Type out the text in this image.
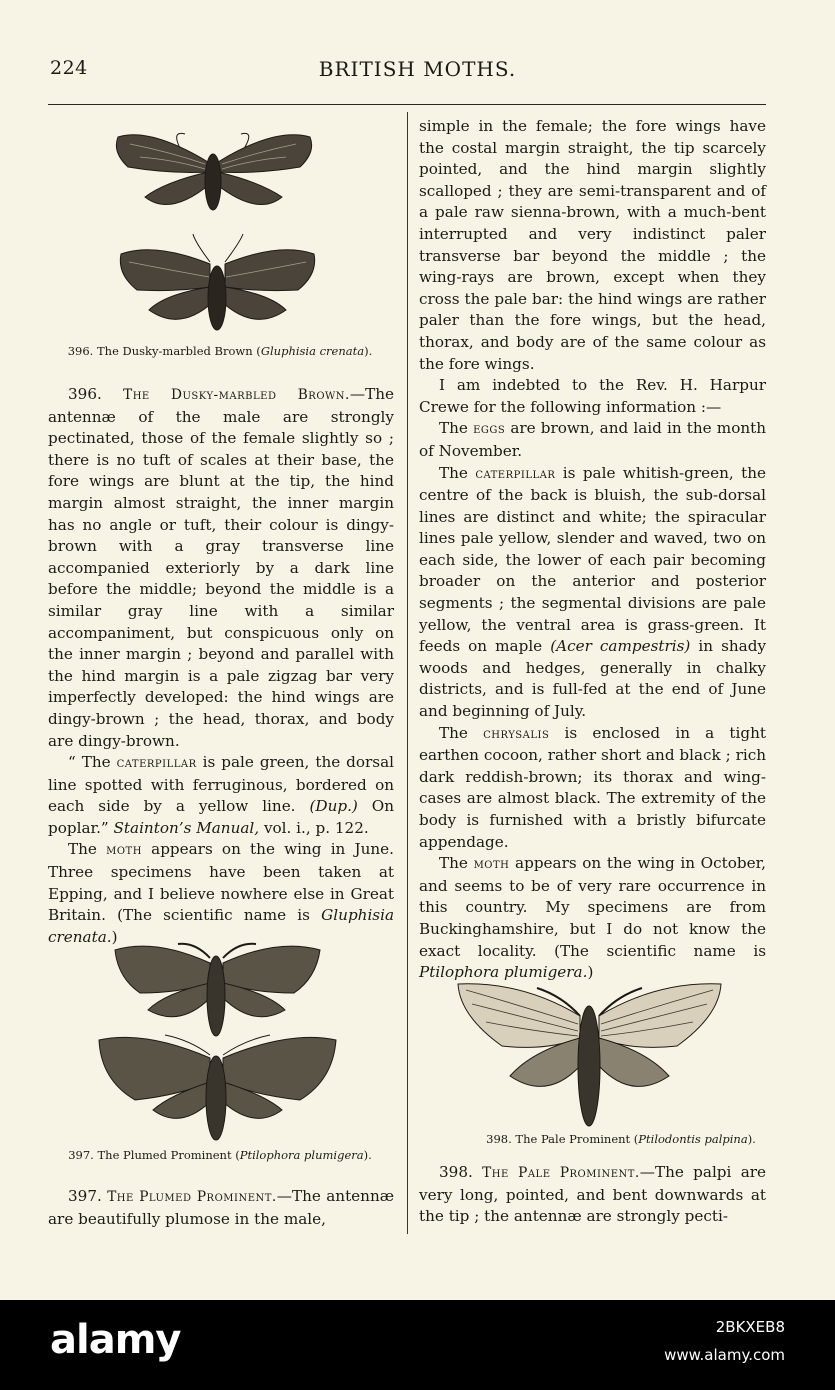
224	BRITISH MOTHS.
396. The Dusky-marbled Brown (Gluphisia crenata).

396. The Dusky-marbled Brown.—The antennæ of the male are strongly pectinated, those of the female slightly so ; there is no tuft of scales at their base, the fore wings are blunt at the tip, the hind margin almost straight, the inner margin has no angle or tuft, their colour is dingy-brown with a gray transverse line accompanied exteriorly by a dark line before the middle; beyond the middle is a similar gray line with a similar accompaniment, but conspicuous only on the inner margin ; beyond and parallel with the hind margin is a pale zigzag bar very imperfectly developed: the hind wings are dingy-brown ; the head, thorax, and body are dingy-brown.

“ The caterpillar is pale green, the dorsal line spotted with ferruginous, bordered on each side by a yellow line. (Dup.) On poplar.” Stainton’s Manual, vol. i., p. 122.

The moth appears on the wing in June. Three specimens have been taken at Epping, and I believe nowhere else in Great Britain. (The scientific name is Gluphisia crenata.)

397. The Plumed Prominent (Ptilophora plumigera).

397. The Plumed Prominent.—The antennæ are beautifully plumose in the male,

simple in the female; the fore wings have the costal margin straight, the tip scarcely pointed, and the hind margin slightly scalloped ; they are semi-transparent and of a pale raw sienna-brown, with a much-bent interrupted and very indistinct paler transverse bar beyond the middle ; the wing-rays are brown, except when they cross the pale bar: the hind wings are rather paler than the fore wings, but the head, thorax, and body are of the same colour as the fore wings.

I am indebted to the Rev. H. Harpur Crewe for the following information :—

The eggs are brown, and laid in the month of November.

The caterpillar is pale whitish-green, the centre of the back is bluish, the sub-dorsal lines are distinct and white; the spiracular lines pale yellow, slender and waved, two on each side, the lower of each pair becoming broader on the anterior and posterior segments ; the segmental divisions are pale yellow, the ventral area is grass-green. It feeds on maple (Acer campestris) in shady woods and hedges, generally in chalky districts, and is full-fed at the end of June and beginning of July.

The chrysalis is enclosed in a tight earthen cocoon, rather short and black ; rich dark reddish-brown; its thorax and wing-cases are almost black. The extremity of the body is furnished with a bristly bifurcate appendage.

The moth appears on the wing in October, and seems to be of very rare occurrence in this country. My specimens are from Buckinghamshire, but I do not know the exact locality. (The scientific name is Ptilophora plumigera.)

398. The Pale Prominent (Ptilodontis palpina).

398. The Pale Prominent.—The palpi are very long, pointed, and bent downwards at the tip ; the antennæ are strongly pecti-

alamy	2BKXEB8
www.alamy.com
